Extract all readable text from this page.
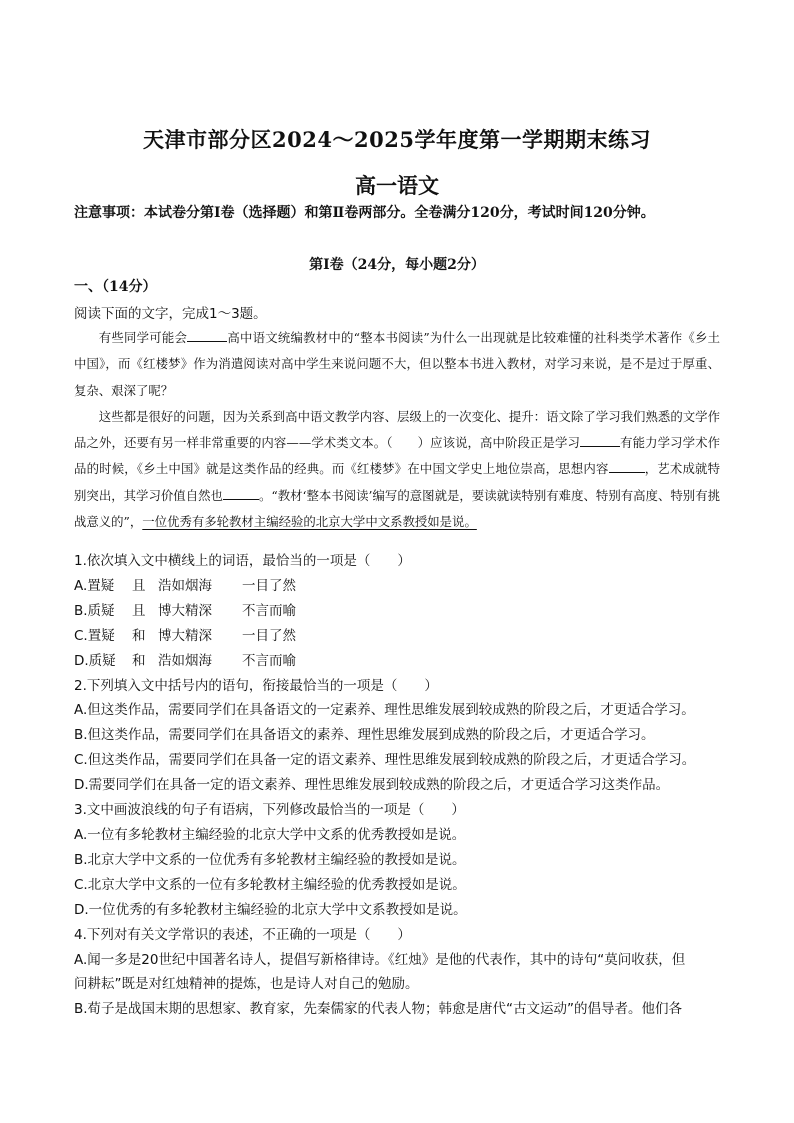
天津市部分区2024～2025学年度第一学期期末练习
高一语文
注意事项：本试卷分第Ⅰ卷（选择题）和第Ⅱ卷两部分。全卷满分120分，考试时间120分钟。
第Ⅰ卷（24分，每小题2分）
一、（14分）
阅读下面的文字，完成1～3题。

有些同学可能会	高中语文统编教材中的“整本书阅读”为什么一出现就是比较难懂的社科类学术著作《乡土中国》，而《红楼梦》作为消遣阅读对高中学生来说问题不大，但以整本书进入教材，对学习来说，是不是过于厚重、复杂、艰深了呢？

这些都是很好的问题，因为关系到高中语文教学内容、层级上的一次变化、提升：语文除了学习我们熟悉的文学作品之外，还要有另一样非常重要的内容——学术类文本。（　　）应该说，高中阶段正是学习	有能力学习学术作品的时候，《乡土中国》就是这类作品的经典。而《红楼梦》在中国文学史上地位崇高，思想内容	，艺术成就特别突出，其学习价值自然也	。“教材‘整本书阅读’编写的意图就是，要读就读特别有难度、特别有高度、特别有挑战意义的”，一位优秀有多轮教材主编经验的北京大学中文系教授如是说。

1.依次填入文中横线上的词语，最恰当的一项是（　　）
A.置疑 且 浩如烟海 一目了然
B.质疑 且 博大精深 不言而喻
C.置疑 和 博大精深 一目了然
D.质疑 和 浩如烟海 不言而喻
2.下列填入文中括号内的语句，衔接最恰当的一项是（　　）
A.但这类作品，需要同学们在具备语文的一定素养、理性思维发展到较成熟的阶段之后，才更适合学习。
B.但这类作品，需要同学们在具备语文的素养、理性思维发展到成熟的阶段之后，才更适合学习。
C.但这类作品，需要同学们在具备一定的语文素养、理性思维发展到较成熟的阶段之后，才更适合学习。
D.需要同学们在具备一定的语文素养、理性思维发展到较成熟的阶段之后，才更适合学习这类作品。
3.文中画波浪线的句子有语病，下列修改最恰当的一项是（　　）
A.一位有多轮教材主编经验的北京大学中文系的优秀教授如是说。
B.北京大学中文系的一位优秀有多轮教材主编经验的教授如是说。
C.北京大学中文系的一位有多轮教材主编经验的优秀教授如是说。
D.一位优秀的有多轮教材主编经验的北京大学中文系教授如是说。
4.下列对有关文学常识的表述，不正确的一项是（　　）
A.闻一多是20世纪中国著名诗人，提倡写新格律诗。《红烛》是他的代表作，其中的诗句“莫问收获，但
问耕耘”既是对红烛精神的提炼，也是诗人对自己的勉励。
B.荀子是战国末期的思想家、教育家，先秦儒家的代表人物；韩愈是唐代“古文运动”的倡导者。他们各
